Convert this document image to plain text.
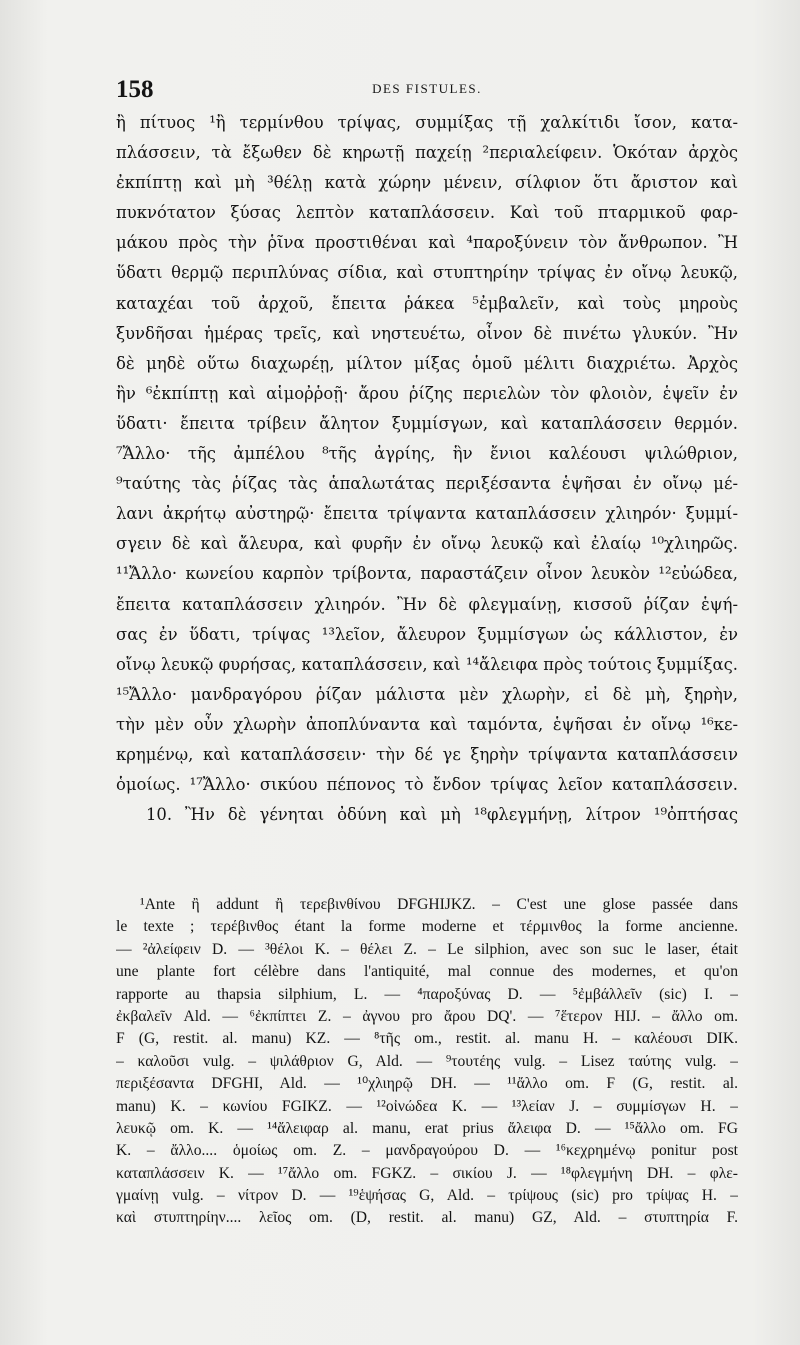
158	DES FISTULES.
ἢ πίτυος ¹ἢ τερμίνθου τρίψας, συμμίξας τῇ χαλκίτιδι ἴσον, κατα-
πλάσσειν, τὰ ἔξωθεν δὲ κηρωτῇ παχείῃ ²περιαλείφειν. Ὁκόταν ἀρχὸς
ἐκπίπτῃ καὶ μὴ ³θέλῃ κατὰ χώρην μένειν, σίλφιον ὅτι ἄριστον καὶ
πυκνότατον ξύσας λεπτὸν καταπλάσσειν. Καὶ τοῦ πταρμικοῦ φαρ-
μάκου πρὸς τὴν ῥῖνα προστιθέναι καὶ ⁴παροξύνειν τὸν ἄνθρωπον. Ἢ
ὕδατι θερμῷ περιπλύνας σίδια, καὶ στυπτηρίην τρίψας ἐν οἴνῳ λευκῷ,
καταχέαι τοῦ ἀρχοῦ, ἔπειτα ῥάκεα ⁵ἐμβαλεῖν, καὶ τοὺς μηροὺς
ξυνδῆσαι ἡμέρας τρεῖς, καὶ νηστευέτω, οἶνον δὲ πινέτω γλυκύν. Ἢν
δὲ μηδὲ οὕτω διαχωρέῃ, μίλτον μίξας ὁμοῦ μέλιτι διαχριέτω. Ἀρχὸς
ἢν ⁶ἐκπίπτῃ καὶ αἱμοῤῥοῇ· ἄρου ῥίζης περιελὼν τὸν φλοιὸν, ἑψεῖν ἐν
ὕδατι· ἔπειτα τρίβειν ἄλητον ξυμμίσγων, καὶ καταπλάσσειν θερμόν.
⁷Ἄλλο· τῆς ἀμπέλου ⁸τῆς ἀγρίης, ἣν ἔνιοι καλέουσι ψιλώθριον,
⁹ταύτης τὰς ῥίζας τὰς ἁπαλωτάτας περιξέσαντα ἑψῆσαι ἐν οἴνῳ μέ-
λανι ἀκρήτῳ αὐστηρῷ· ἔπειτα τρίψαντα καταπλάσσειν χλιηρόν· ξυμμί-
σγειν δὲ καὶ ἄλευρα, καὶ φυρῆν ἐν οἴνῳ λευκῷ καὶ ἐλαίῳ ¹⁰χλιηρῶς.
¹¹Ἄλλο· κωνείου καρπὸν τρίβοντα, παραστάζειν οἶνον λευκὸν ¹²εὐώδεα,
ἔπειτα καταπλάσσειν χλιηρόν. Ἢν δὲ φλεγμαίνῃ, κισσοῦ ῥίζαν ἑψή-
σας ἐν ὕδατι, τρίψας ¹³λεῖον, ἄλευρον ξυμμίσγων ὡς κάλλιστον, ἐν
οἴνῳ λευκῷ φυρήσας, καταπλάσσειν, καὶ ¹⁴ἄλειφα πρὸς τούτοις ξυμμίξας.
¹⁵Ἄλλο· μανδραγόρου ῥίζαν μάλιστα μὲν χλωρὴν, εἰ δὲ μὴ, ξηρὴν,
τὴν μὲν οὖν χλωρὴν ἀποπλύναντα καὶ ταμόντα, ἑψῆσαι ἐν οἴνῳ ¹⁶κε-
κρημένῳ, καὶ καταπλάσσειν· τὴν δέ γε ξηρὴν τρίψαντα καταπλάσσειν
ὁμοίως. ¹⁷Ἄλλο· σικύου πέπονος τὸ ἔνδον τρίψας λεῖον καταπλάσσειν.
10. Ἢν δὲ γένηται ὀδύνη καὶ μὴ ¹⁸φλεγμήνῃ, λίτρον ¹⁹ὀπτήσας
¹Ante ἢ addunt ἢ τερεβινθίνου DFGHIJKZ. – C'est une glose passée dans
le texte ; τερέβινθος étant la forme moderne et τέρμινθος la forme ancienne.
— ²ἀλείφειν D. — ³θέλοι K. – θέλει Z. – Le silphion, avec son suc le laser, était
une plante fort célèbre dans l'antiquité, mal connue des modernes, et qu'on
rapporte au thapsia silphium, L. — ⁴παροξύνας D. — ⁵ἐμβάλλεῖν (sic) I. –
ἐκβαλεῖν Ald. — ⁶ἐκπίπτει Z. – ἀγνου pro ἄρου DQ'. — ⁷ἕτερον HIJ. – ἄλλο om.
F (G, restit. al. manu) KZ. — ⁸τῆς om., restit. al. manu H. – καλέουσι DIK.
– καλοῦσι vulg. – ψιλάθριον G, Ald. — ⁹τουτέης vulg. – Lisez ταύτης vulg. –
περιξέσαντα DFGHI, Ald. — ¹⁰χλιηρῷ DH. — ¹¹ἄλλο om. F (G, restit. al.
manu) K. – κωνίου FGIKZ. — ¹²οἰνώδεα K. — ¹³λείαν J. – συμμίσγων H. –
λευκῷ om. K. — ¹⁴ἄλειφαρ al. manu, erat prius ἄλειφα D. — ¹⁵ἄλλο om. FG
K. – ἄλλο.... ὁμοίως om. Z. – μανδραγούρου D. — ¹⁶κεχρημένῳ ponitur post
καταπλάσσειν K. — ¹⁷ἄλλο om. FGKZ. – σικίου J. — ¹⁸φλεγμήνη DH. – φλε-
γμαίνῃ vulg. – νίτρον D. — ¹⁹ἑψήσας G, Ald. – τρίψους (sic) pro τρίψας H. –
καὶ στυπτηρίην.... λεῖος om. (D, restit. al. manu) GZ, Ald. – στυπτηρία F.
